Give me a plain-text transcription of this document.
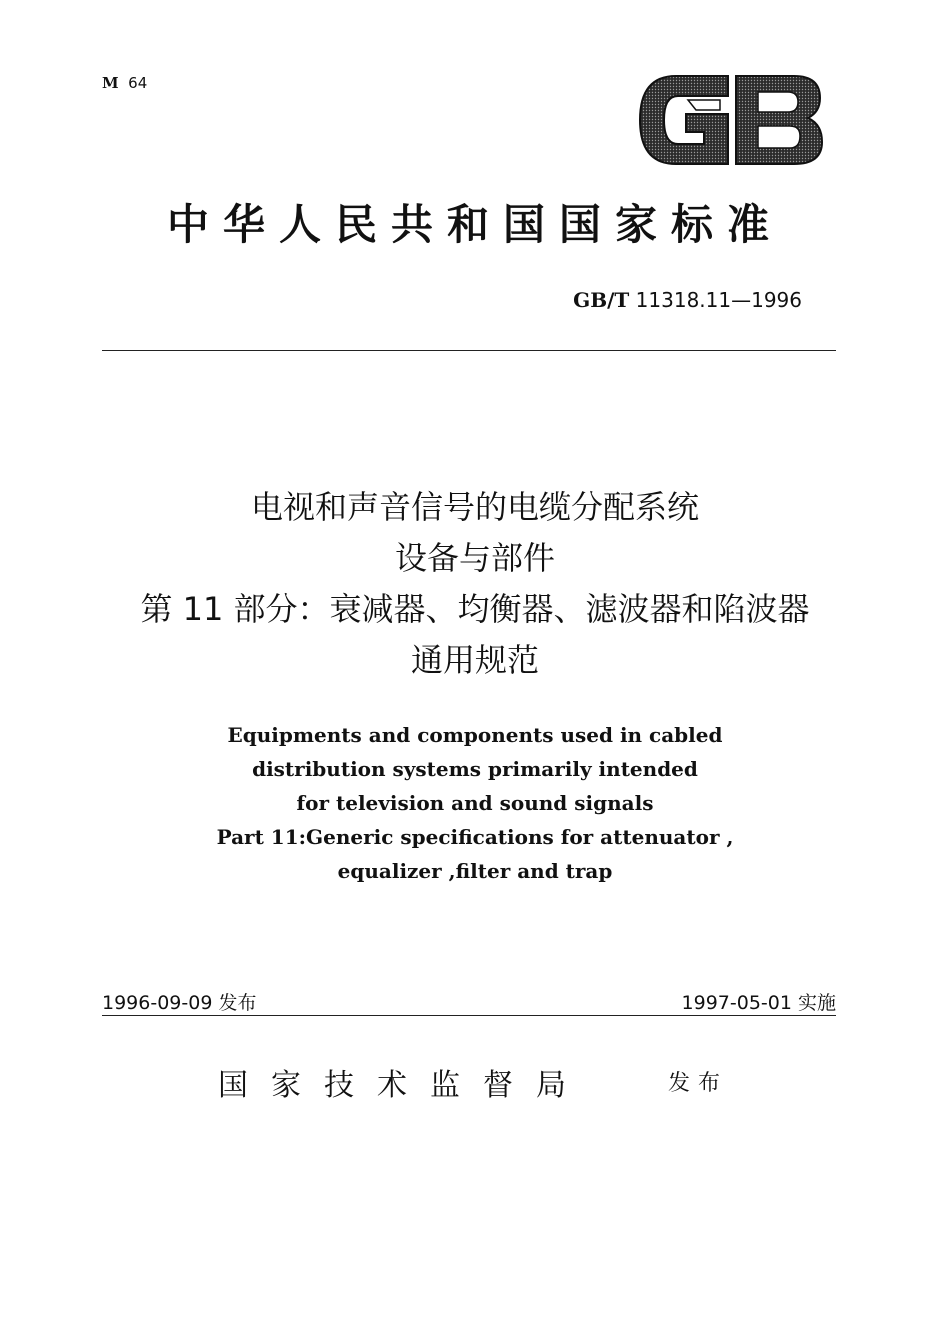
M 64
GB
中华人民共和国国家标准
GB/T 11318.11—1996
电视和声音信号的电缆分配系统
设备与部件
第 11 部分：衰减器、均衡器、滤波器和陷波器
通用规范
Equipments and components used in cabled
distribution systems primarily intended
for television and sound signals
Part 11:Generic specifications for attenuator ,
equalizer ,filter and trap
1996-09-09 发布	1997-05-01 实施
国家技术监督局	发布
